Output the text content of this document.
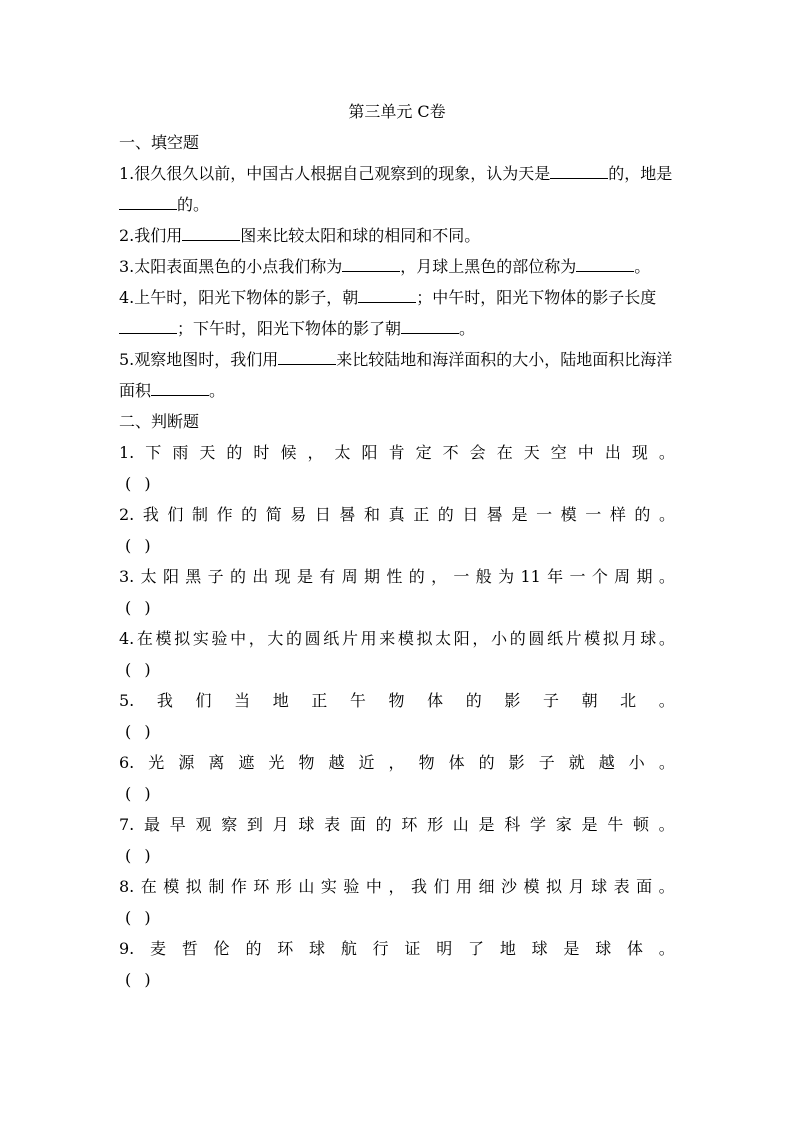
第三单元 C卷
一、填空题
1.很久很久以前，中国古人根据自己观察到的现象，认为天是	的，地是
的。
2.我们用	图来比较太阳和球的相同和不同。
3.太阳表面黑色的小点我们称为	，月球上黑色的部位称为	。
4.上午时，阳光下物体的影子，朝	；中午时，阳光下物体的影子长度
；下午时，阳光下物体的影了朝	。
5.观察地图时，我们用	来比较陆地和海洋面积的大小，陆地面积比海洋
面积	。
二、判断题
1. 下 雨 天 的 时 候 ， 太 阳 肯 定 不 会 在 天 空 中 出 现 。
( )
2. 我 们 制 作 的 简 易 日 晷 和 真 正 的 日 晷 是 一 模 一 样 的 。
( )
3. 太 阳 黑 子 的 出 现 是 有 周 期 性 的 ， 一 般 为 11 年 一 个 周 期 。
( )
4. 在 模 拟 实 验 中 ， 大 的 圆 纸 片 用 来 模 拟 太 阳 ， 小 的 圆 纸 片 模 拟 月 球 。
( )
5. 我 们 当 地 正 午 物 体 的 影 子 朝 北 。
( )
6. 光 源 离 遮 光 物 越 近 ， 物 体 的 影 子 就 越 小 。
( )
7. 最 早 观 察 到 月 球 表 面 的 环 形 山 是 科 学 家 是 牛 顿 。
( )
8. 在 模 拟 制 作 环 形 山 实 验 中 ， 我 们 用 细 沙 模 拟 月 球 表 面 。
( )
9. 麦 哲 伦 的 环 球 航 行 证 明 了 地 球 是 球 体 。
( )
